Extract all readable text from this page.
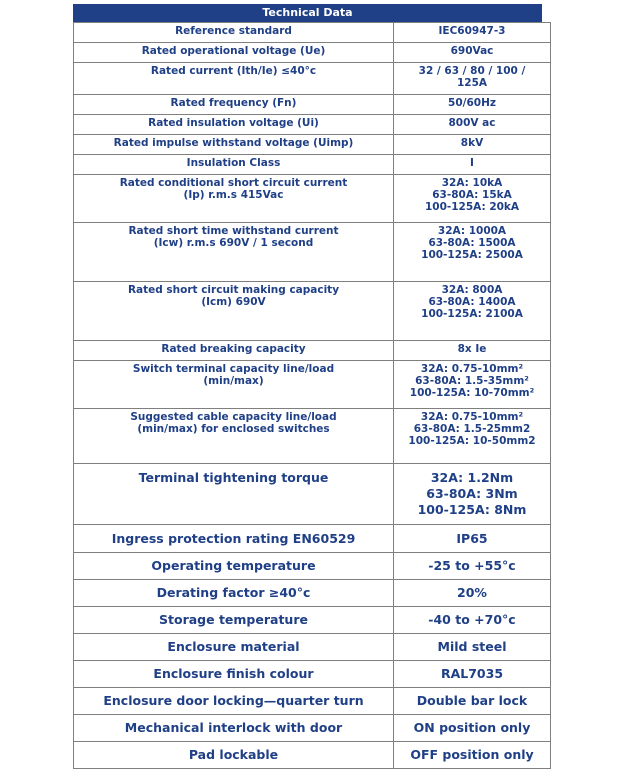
Technical Data
Reference standard	IEC60947-3
Rated operational voltage (Ue)	690Vac
Rated current (Ith/Ie) ≤40°c	32 / 63 / 80 / 100 /
125A
Rated frequency (Fn)	50/60Hz
Rated insulation voltage (Ui)	800V ac
Rated impulse withstand voltage (Uimp)	8kV
Insulation Class	I
Rated conditional short circuit current
(Ip) r.m.s 415Vac	32A: 10kA
63-80A: 15kA
100-125A: 20kA
Rated short time withstand current
(Icw) r.m.s 690V / 1 second	32A: 1000A
63-80A: 1500A
100-125A: 2500A
Rated short circuit making capacity
(Icm) 690V	32A: 800A
63-80A: 1400A
100-125A: 2100A
Rated breaking capacity	8x Ie
Switch terminal capacity line/load
(min/max)	32A: 0.75-10mm²
63-80A: 1.5-35mm²
100-125A: 10-70mm²
Suggested cable capacity line/load
(min/max) for enclosed switches	32A: 0.75-10mm²
63-80A: 1.5-25mm2
100-125A: 10-50mm2
Terminal tightening torque	32A: 1.2Nm
63-80A: 3Nm
100-125A: 8Nm
Ingress protection rating EN60529	IP65
Operating temperature	-25 to +55°c
Derating factor ≥40°c	20%
Storage temperature	-40 to +70°c
Enclosure material	Mild steel
Enclosure finish colour	RAL7035
Enclosure door locking—quarter turn	Double bar lock
Mechanical interlock with door	ON position only
Pad lockable	OFF position only
